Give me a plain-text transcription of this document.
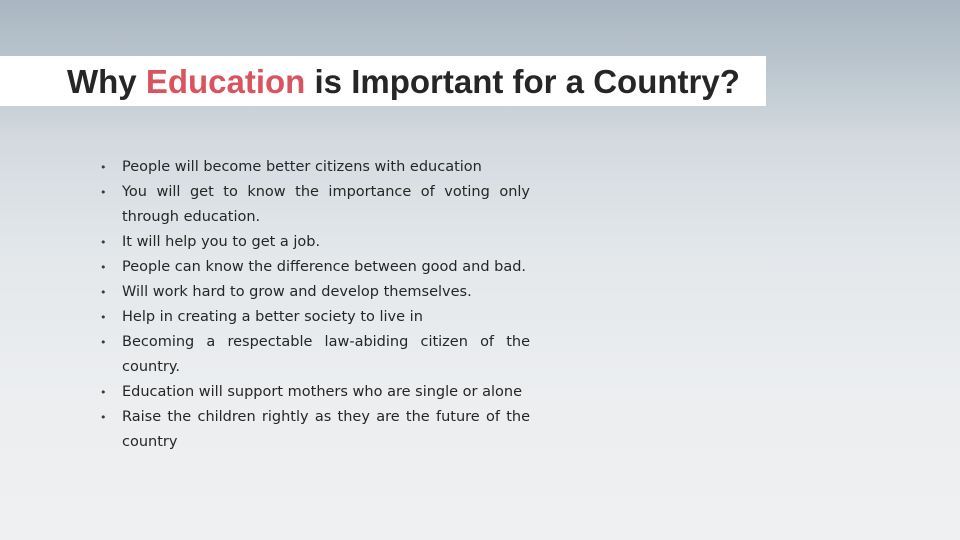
Why Education is Important for a Country?
• People will become better citizens with education
• You will get to know the importance of voting only through education.
• It will help you to get a job.
• People can know the difference between good and bad.
• Will work hard to grow and develop themselves.
• Help in creating a better society to live in
• Becoming a respectable law-abiding citizen of the country.
• Education will support mothers who are single or alone
• Raise the children rightly as they are the future of the country
